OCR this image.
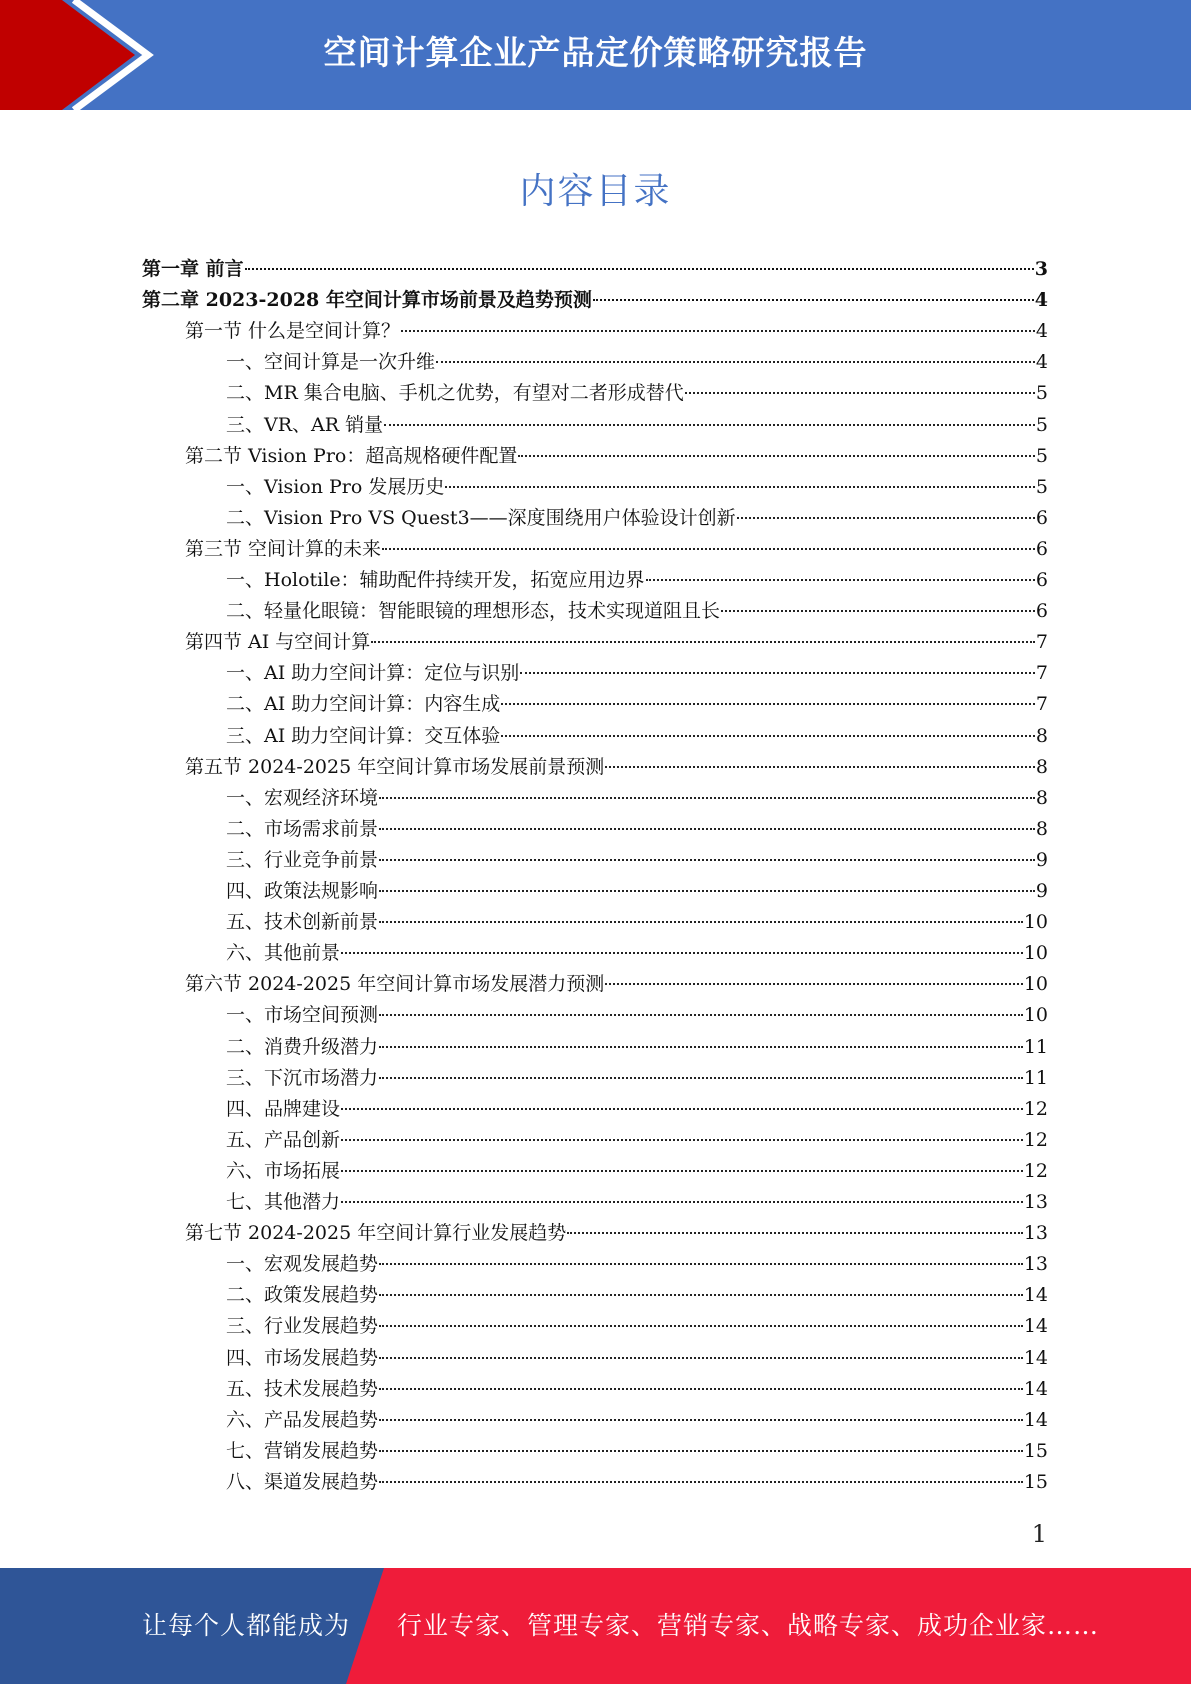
空间计算企业产品定价策略研究报告
内容目录
第一章 前言	3
第二章 2023-2028 年空间计算市场前景及趋势预测	4
第一节 什么是空间计算？	4
一、空间计算是一次升维	4
二、MR 集合电脑、手机之优势，有望对二者形成替代	5
三、VR、AR 销量	5
第二节 Vision Pro：超高规格硬件配置	5
一、Vision Pro 发展历史	5
二、Vision Pro VS Quest3——深度围绕用户体验设计创新	6
第三节 空间计算的未来	6
一、Holotile：辅助配件持续开发，拓宽应用边界	6
二、轻量化眼镜：智能眼镜的理想形态，技术实现道阻且长	6
第四节 AI 与空间计算	7
一、AI 助力空间计算：定位与识别	7
二、AI 助力空间计算：内容生成	7
三、AI 助力空间计算：交互体验	8
第五节 2024-2025 年空间计算市场发展前景预测	8
一、宏观经济环境	8
二、市场需求前景	8
三、行业竞争前景	9
四、政策法规影响	9
五、技术创新前景	10
六、其他前景	10
第六节 2024-2025 年空间计算市场发展潜力预测	10
一、市场空间预测	10
二、消费升级潜力	11
三、下沉市场潜力	11
四、品牌建设	12
五、产品创新	12
六、市场拓展	12
七、其他潜力	13
第七节 2024-2025 年空间计算行业发展趋势	13
一、宏观发展趋势	13
二、政策发展趋势	14
三、行业发展趋势	14
四、市场发展趋势	14
五、技术发展趋势	14
六、产品发展趋势	14
七、营销发展趋势	15
八、渠道发展趋势	15
1
让每个人都能成为 行业专家、管理专家、营销专家、战略专家、成功企业家……
